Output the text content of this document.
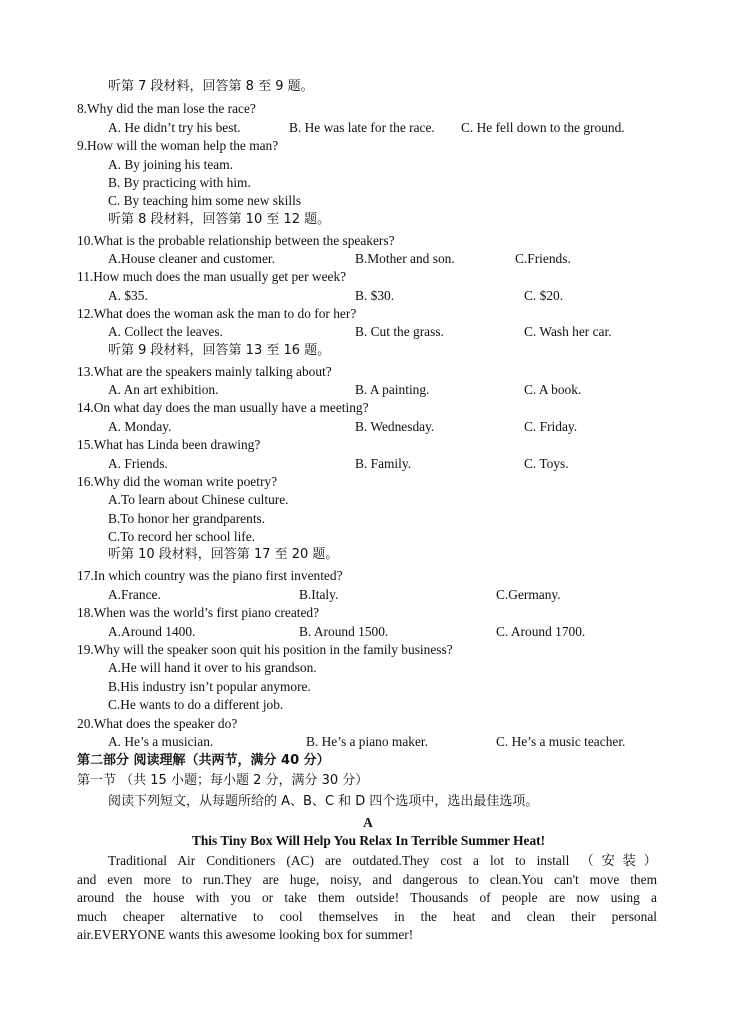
听第 7 段材料，回答第 8 至 9 题。
8.Why did the man lose the race?
A. He didn’t try his best.	B. He was late for the race. C. He fell down to the ground.
9.How will the woman help the man?
A. By joining his team.
B. By practicing with him.
C. By teaching him some new skills
听第 8 段材料，回答第 10 至 12 题。
10.What is the probable relationship between the speakers?
A.House cleaner and customer.	B.Mother and son.	C.Friends.
11.How much does the man usually get per week?
A. $35.	B. $30.	C. $20.
12.What does the woman ask the man to do for her?
A. Collect the leaves.	B. Cut the grass.	C. Wash her car.
听第 9 段材料，回答第 13 至 16 题。
13.What are the speakers mainly talking about?
A. An art exhibition.	B. A painting.	C. A book.
14.On what day does the man usually have a meeting?
A. Monday.	B. Wednesday.	C. Friday.
15.What has Linda been drawing?
A. Friends.	B. Family.	C. Toys.
16.Why did the woman write poetry?
A.To learn about Chinese culture.
B.To honor her grandparents.
C.To record her school life.
听第 10 段材料，回答第 17 至 20 题。
17.In which country was the piano first invented?
A.France.	B.Italy.	C.Germany.
18.When was the world’s first piano created?
A.Around 1400.	B. Around 1500.	C. Around 1700.
19.Why will the speaker soon quit his position in the family business?
A.He will hand it over to his grandson.
B.His industry isn’t popular anymore.
C.He wants to do a different job.
20.What does the speaker do?
A. He’s a musician.	B. He’s a piano maker.	C. He’s a music teacher.
第二部分 阅读理解（共两节，满分 40 分）
第一节 （共 15 小题；每小题 2 分，满分 30 分）
阅读下列短文，从每题所给的 A、B、C 和 D 四个选项中，选出最佳选项。
A
This Tiny Box Will Help You Relax In Terrible Summer Heat!
Traditional Air Conditioners (AC) are outdated.They cost a lot to install （安装）
and even more to run.They are huge, noisy, and dangerous to clean.You can't move them
around the house with you or take them outside! Thousands of people are now using a
much cheaper alternative to cool themselves in the heat and clean their personal
air.EVERYONE wants this awesome looking box for summer!
